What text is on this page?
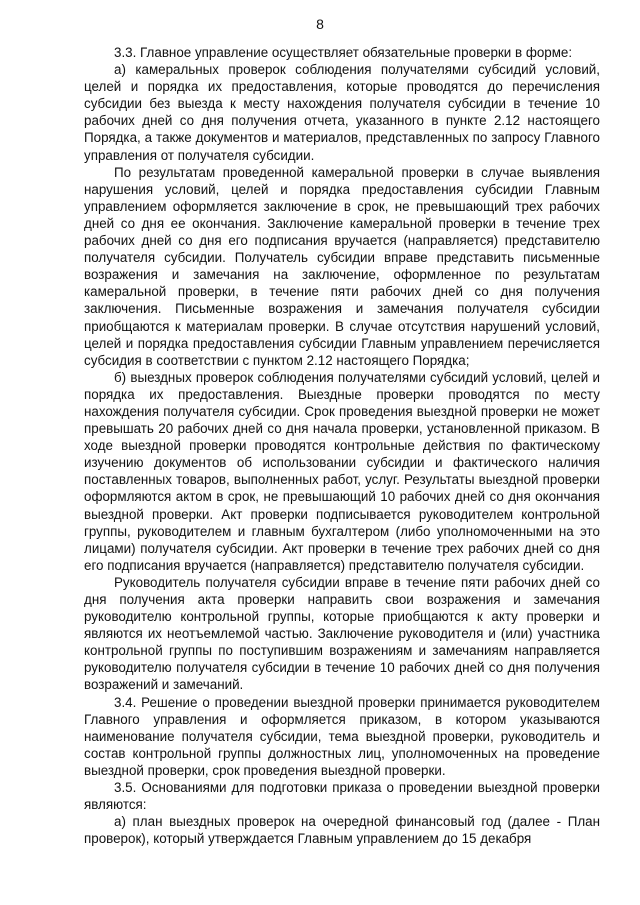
8

3.3. Главное управление осуществляет обязательные проверки в форме:

а) камеральных проверок соблюдения получателями субсидий условий, целей и порядка их предоставления, которые проводятся до перечисления субсидии без выезда к месту нахождения получателя субсидии в течение 10 рабочих дней со дня получения отчета, указанного в пункте 2.12 настоящего Порядка, а также документов и материалов, представленных по запросу Главного управления от получателя субсидии.

По результатам проведенной камеральной проверки в случае выявления нарушения условий, целей и порядка предоставления субсидии Главным управлением оформляется заключение в срок, не превышающий трех рабочих дней со дня ее окончания. Заключение камеральной проверки в течение трех рабочих дней со дня его подписания вручается (направляется) представителю получателя субсидии. Получатель субсидии вправе представить письменные возражения и замечания на заключение, оформленное по результатам камеральной проверки, в течение пяти рабочих дней со дня получения заключения. Письменные возражения и замечания получателя субсидии приобщаются к материалам проверки. В случае отсутствия нарушений условий, целей и порядка предоставления субсидии Главным управлением перечисляется субсидия в соответствии с пунктом 2.12 настоящего Порядка;

б) выездных проверок соблюдения получателями субсидий условий, целей и порядка их предоставления. Выездные проверки проводятся по месту нахождения получателя субсидии. Срок проведения выездной проверки не может превышать 20 рабочих дней со дня начала проверки, установленной приказом. В ходе выездной проверки проводятся контрольные действия по фактическому изучению документов об использовании субсидии и фактического наличия поставленных товаров, выполненных работ, услуг. Результаты выездной проверки оформляются актом в срок, не превышающий 10 рабочих дней со дня окончания выездной проверки. Акт проверки подписывается руководителем контрольной группы, руководителем и главным бухгалтером (либо уполномоченными на это лицами) получателя субсидии. Акт проверки в течение трех рабочих дней со дня его подписания вручается (направляется) представителю получателя субсидии.

Руководитель получателя субсидии вправе в течение пяти рабочих дней со дня получения акта проверки направить свои возражения и замечания руководителю контрольной группы, которые приобщаются к акту проверки и являются их неотъемлемой частью. Заключение руководителя и (или) участника контрольной группы по поступившим возражениям и замечаниям направляется руководителю получателя субсидии в течение 10 рабочих дней со дня получения возражений и замечаний.

3.4. Решение о проведении выездной проверки принимается руководителем Главного управления и оформляется приказом, в котором указываются наименование получателя субсидии, тема выездной проверки, руководитель и состав контрольной группы должностных лиц, уполномоченных на проведение выездной проверки, срок проведения выездной проверки.

3.5. Основаниями для подготовки приказа о проведении выездной проверки являются:

а) план выездных проверок на очередной финансовый год (далее - План проверок), который утверждается Главным управлением до 15 декабря
